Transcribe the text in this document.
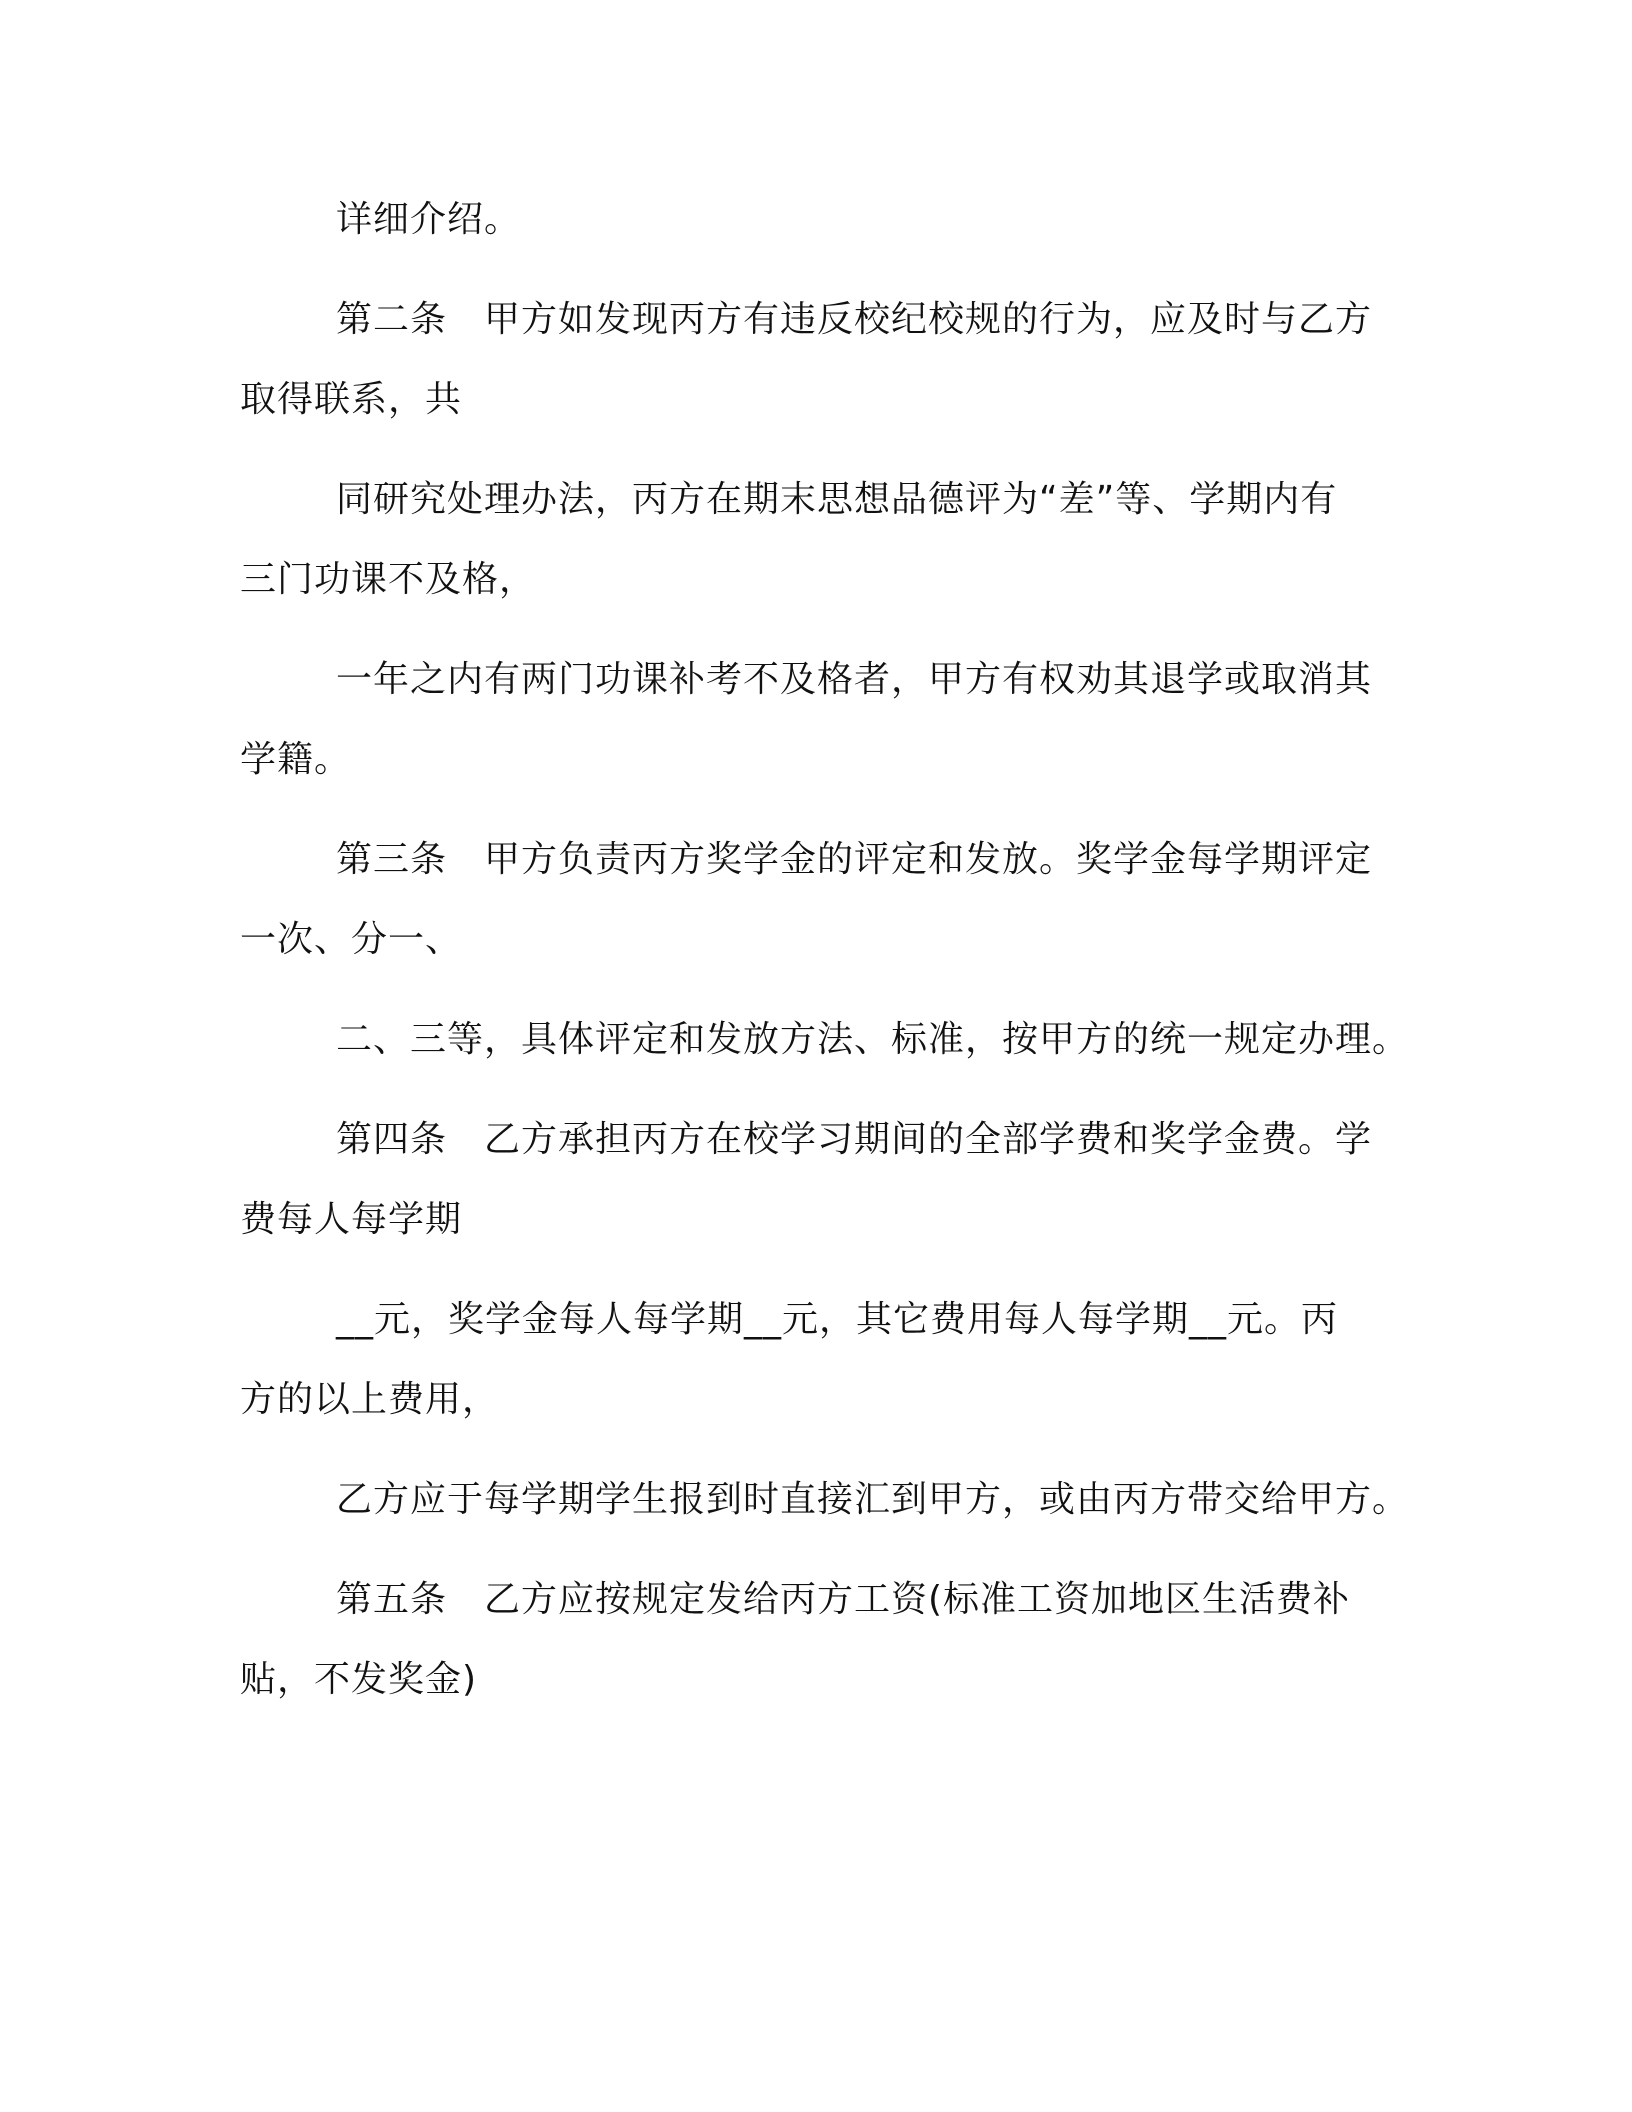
详细介绍。
第二条　甲方如发现丙方有违反校纪校规的行为，应及时与乙方
取得联系，共
同研究处理办法，丙方在期末思想品德评为“差”等、学期内有
三门功课不及格，
一年之内有两门功课补考不及格者，甲方有权劝其退学或取消其
学籍。
第三条　甲方负责丙方奖学金的评定和发放。奖学金每学期评定
一次、分一、
二、三等，具体评定和发放方法、标准，按甲方的统一规定办理。
第四条　乙方承担丙方在校学习期间的全部学费和奖学金费。学
费每人每学期
__元，奖学金每人每学期__元，其它费用每人每学期__元。丙
方的以上费用，
乙方应于每学期学生报到时直接汇到甲方，或由丙方带交给甲方。
第五条　乙方应按规定发给丙方工资(标准工资加地区生活费补
贴，不发奖金)
